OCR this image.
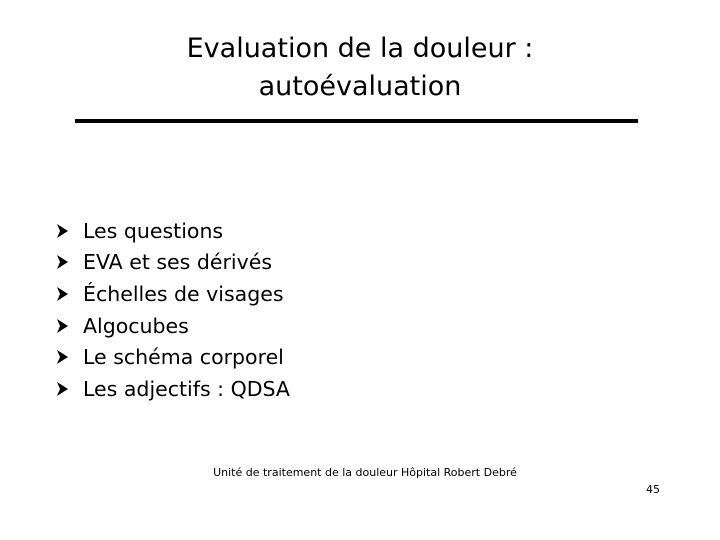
Evaluation de la douleur :
autoévaluation
Les questions
EVA et ses dérivés
Échelles de visages
Algocubes
Le schéma corporel
Les adjectifs : QDSA
Unité de traitement de la douleur Hôpital Robert Debré
45
